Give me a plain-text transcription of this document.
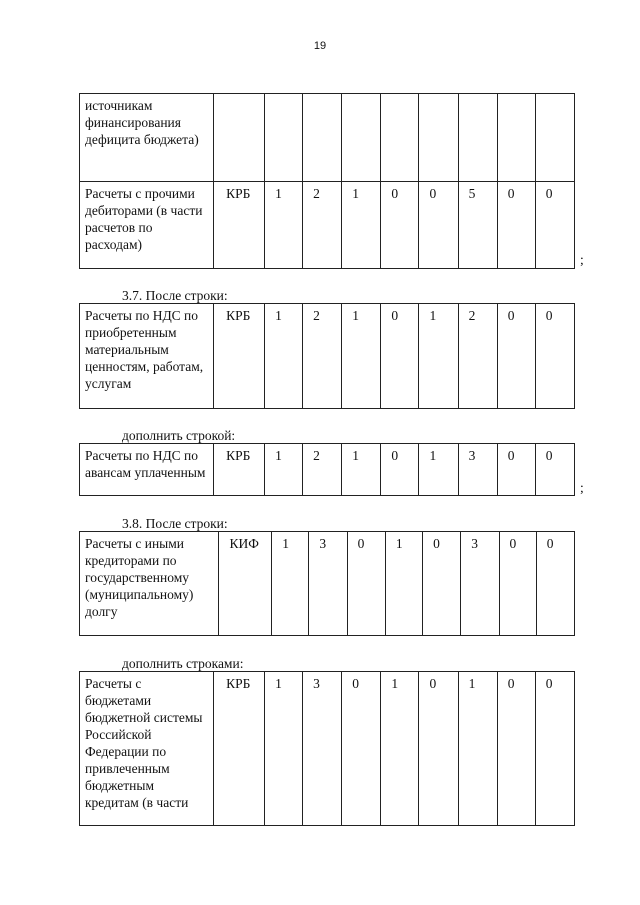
19
источникам финансирования дефицита бюджета)									
Расчеты с прочими дебиторами (в части расчетов по расходам)	КРБ	1	2	1	0	0	5	0	0
;
3.7. После строки:
Расчеты по НДС по приобретенным материальным ценностям, работам, услугам	КРБ	1	2	1	0	1	2	0	0
дополнить строкой:
Расчеты по НДС по авансам уплаченным	КРБ	1	2	1	0	1	3	0	0
;
3.8. После строки:
Расчеты с иными кредиторами по государственному (муниципальному) долгу	КИФ	1	3	0	1	0	3	0	0
дополнить строками:
Расчеты с бюджетами бюджетной системы Российской Федерации по привлеченным бюджетным кредитам (в части	КРБ	1	3	0	1	0	1	0	0
